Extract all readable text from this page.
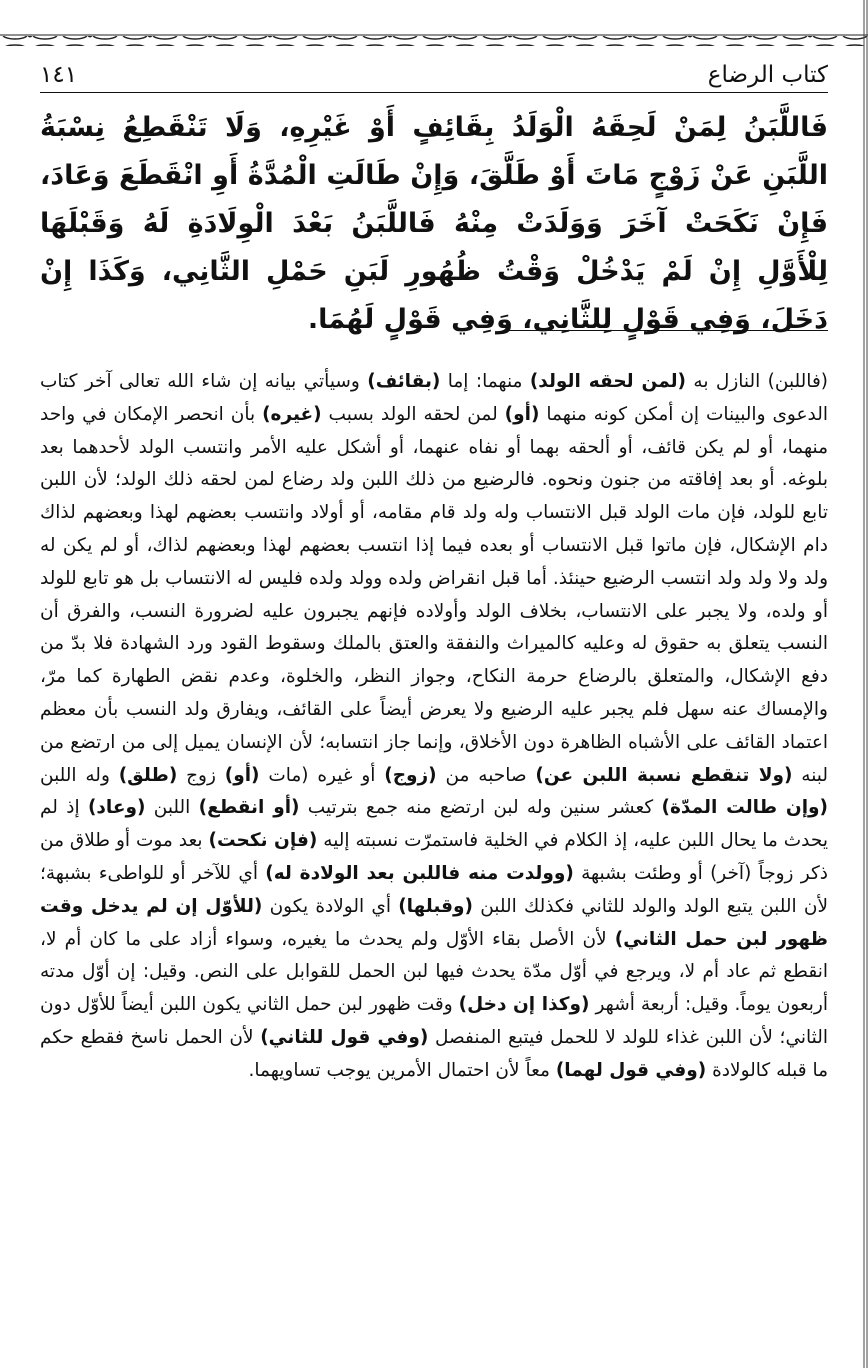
كتاب الرضاع
١٤١
فَاللَّبَنُ لِمَنْ لَحِقَهُ الْوَلَدُ بِقَائِفٍ أَوْ غَيْرِهِ، وَلَا تَنْقَطِعُ نِسْبَةُ اللَّبَنِ عَنْ زَوْجٍ مَاتَ أَوْ طَلَّقَ، وَإِنْ طَالَتِ الْمُدَّةُ أَوِ انْقَطَعَ وَعَادَ، فَإِنْ نَكَحَتْ آخَرَ وَوَلَدَتْ مِنْهُ فَاللَّبَنُ بَعْدَ الْوِلَادَةِ لَهُ وَقَبْلَهَا لِلْأَوَّلِ إِنْ لَمْ يَدْخُلْ وَقْتُ ظُهُورِ لَبَنِ حَمْلِ الثَّانِي، وَكَذَا إِنْ دَخَلَ، وَفِي قَوْلٍ لِلثَّانِي، وَفِي قَوْلٍ لَهُمَا.
(فاللبن) النازل به (لمن لحقه الولد) منهما: إما (بقائف) وسيأتي بيانه إن شاء الله تعالى آخر كتاب الدعوى والبينات إن أمكن كونه منهما (أو) لمن لحقه الولد بسبب (غيره) بأن انحصر الإمكان في واحد منهما، أو لم يكن قائف، أو ألحقه بهما أو نفاه عنهما، أو أشكل عليه الأمر وانتسب الولد لأحدهما بعد بلوغه. أو بعد إفاقته من جنون ونحوه. فالرضيع من ذلك اللبن ولد رضاع لمن لحقه ذلك الولد؛ لأن اللبن تابع للولد، فإن مات الولد قبل الانتساب وله ولد قام مقامه، أو أولاد وانتسب بعضهم لهذا وبعضهم لذاك دام الإشكال، فإن ماتوا قبل الانتساب أو بعده فيما إذا انتسب بعضهم لهذا وبعضهم لذاك، أو لم يكن له ولد ولا ولد ولد انتسب الرضيع حينئذ. أما قبل انقراض ولده وولد ولده فليس له الانتساب بل هو تابع للولد أو ولده، ولا يجبر على الانتساب، بخلاف الولد وأولاده فإنهم يجبرون عليه لضرورة النسب، والفرق أن النسب يتعلق به حقوق له وعليه كالميراث والنفقة والعتق بالملك وسقوط القود ورد الشهادة فلا بدّ من دفع الإشكال، والمتعلق بالرضاع حرمة النكاح، وجواز النظر، والخلوة، وعدم نقض الطهارة كما مرّ، والإمساك عنه سهل فلم يجبر عليه الرضيع ولا يعرض أيضاً على القائف، ويفارق ولد النسب بأن معظم اعتماد القائف على الأشباه الظاهرة دون الأخلاق، وإنما جاز انتسابه؛ لأن الإنسان يميل إلى من ارتضع من لبنه (ولا تنقطع نسبة اللبن عن) صاحبه من (زوج) أو غيره (مات (أو) زوج (طلق) وله اللبن (وإن طالت المدّة) كعشر سنين وله لبن ارتضع منه جمع بترتيب (أو انقطع) اللبن (وعاد) إذ لم يحدث ما يحال اللبن عليه، إذ الكلام في الخلية فاستمرّت نسبته إليه (فإن نكحت) بعد موت أو طلاق من ذكر زوجاً (آخر) أو وطئت بشبهة (وولدت منه فاللبن بعد الولادة له) أي للآخر أو للواطىء بشبهة؛ لأن اللبن يتبع الولد والولد للثاني فكذلك اللبن (وقبلها) أي الولادة يكون (للأوّل إن لم يدخل وقت ظهور لبن حمل الثاني) لأن الأصل بقاء الأوّل ولم يحدث ما يغيره، وسواء أزاد على ما كان أم لا، انقطع ثم عاد أم لا، ويرجع في أوّل مدّة يحدث فيها لبن الحمل للقوابل على النص. وقيل: إن أوّل مدته أربعون يوماً. وقيل: أربعة أشهر (وكذا إن دخل) وقت ظهور لبن حمل الثاني يكون اللبن أيضاً للأوّل دون الثاني؛ لأن اللبن غذاء للولد لا للحمل فيتبع المنفصل (وفي قول للثاني) لأن الحمل ناسخ فقطع حكم ما قبله كالولادة (وفي قول لهما) معاً لأن احتمال الأمرين يوجب تساويهما.
